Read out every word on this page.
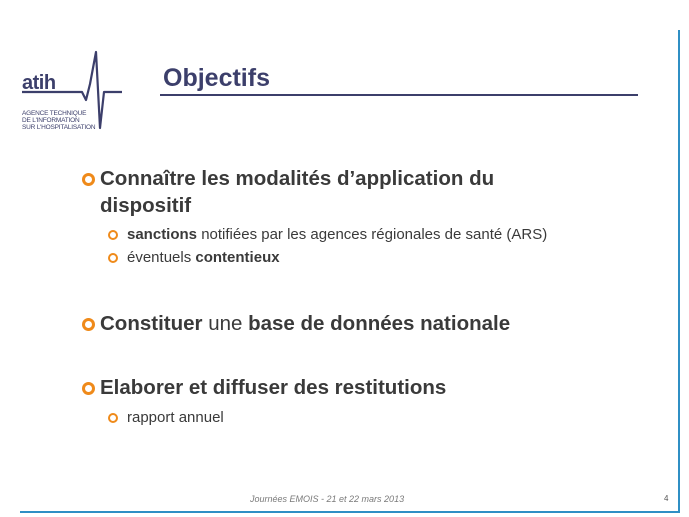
atih
AGENCE TECHNIQUE
DE L'INFORMATION
SUR L'HOSPITALISATION
Objectifs
Connaître les modalités d’application du
dispositif
sanctions notifiées par les agences régionales de santé (ARS)
éventuels contentieux
Constituer une base de données nationale
Elaborer et diffuser des restitutions
rapport annuel
Journées EMOIS - 21 et 22 mars 2013	4
